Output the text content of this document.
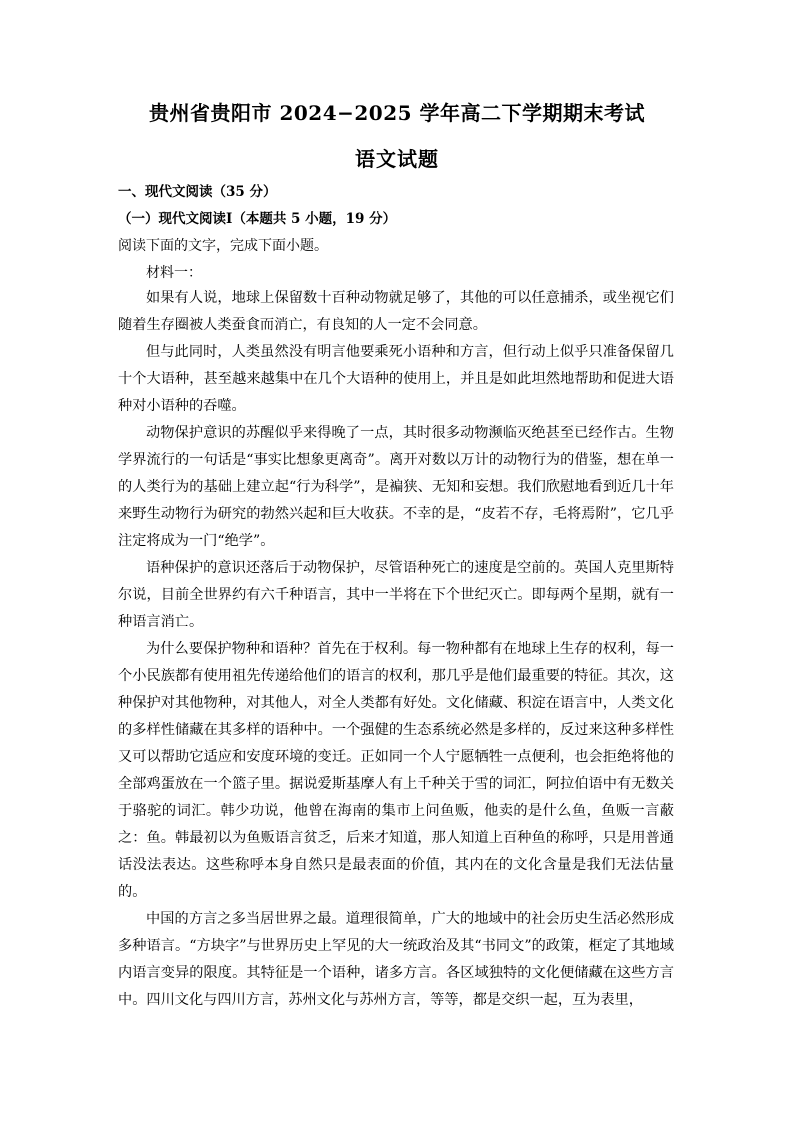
贵州省贵阳市 2024−2025 学年高二下学期期末考试
语文试题
一、现代文阅读（35 分）
（一）现代文阅读Ⅰ（本题共 5 小题，19 分）
阅读下面的文字，完成下面小题。
材料一：

如果有人说，地球上保留数十百种动物就足够了，其他的可以任意捕杀，或坐视它们随着生存圈被人类蚕食而消亡，有良知的人一定不会同意。

但与此同时，人类虽然没有明言他要乘死小语种和方言，但行动上似乎只准备保留几十个大语种，甚至越来越集中在几个大语种的使用上，并且是如此坦然地帮助和促进大语种对小语种的吞噬。

动物保护意识的苏醒似乎来得晚了一点，其时很多动物濒临灭绝甚至已经作古。生物学界流行的一句话是“事实比想象更离奇”。离开对数以万计的动物行为的借鉴，想在单一的人类行为的基础上建立起“行为科学”，是褊狭、无知和妄想。我们欣慰地看到近几十年来野生动物行为研究的勃然兴起和巨大收获。不幸的是，“皮若不存，毛将焉附”，它几乎注定将成为一门“绝学”。

语种保护的意识还落后于动物保护，尽管语种死亡的速度是空前的。英国人克里斯特尔说，目前全世界约有六千种语言，其中一半将在下个世纪灭亡。即每两个星期，就有一种语言消亡。

为什么要保护物种和语种？首先在于权利。每一物种都有在地球上生存的权利，每一个小民族都有使用祖先传递给他们的语言的权利，那几乎是他们最重要的特征。其次，这种保护对其他物种，对其他人，对全人类都有好处。文化储藏、积淀在语言中，人类文化的多样性储藏在其多样的语种中。一个强健的生态系统必然是多样的，反过来这种多样性又可以帮助它适应和安度环境的变迁。正如同一个人宁愿牺牲一点便利，也会拒绝将他的全部鸡蛋放在一个篮子里。据说爱斯基摩人有上千种关于雪的词汇，阿拉伯语中有无数关于骆驼的词汇。韩少功说，他曾在海南的集市上问鱼贩，他卖的是什么鱼，鱼贩一言蔽之：鱼。韩最初以为鱼贩语言贫乏，后来才知道，那人知道上百种鱼的称呼，只是用普通话没法表达。这些称呼本身自然只是最表面的价值，其内在的文化含量是我们无法估量的。

中国的方言之多当居世界之最。道理很简单，广大的地域中的社会历史生活必然形成多种语言。“方块字”与世界历史上罕见的大一统政治及其“书同文”的政策，框定了其地域内语言变异的限度。其特征是一个语种，诸多方言。各区域独特的文化便储藏在这些方言中。四川文化与四川方言，苏州文化与苏州方言，等等，都是交织一起，互为表里，
